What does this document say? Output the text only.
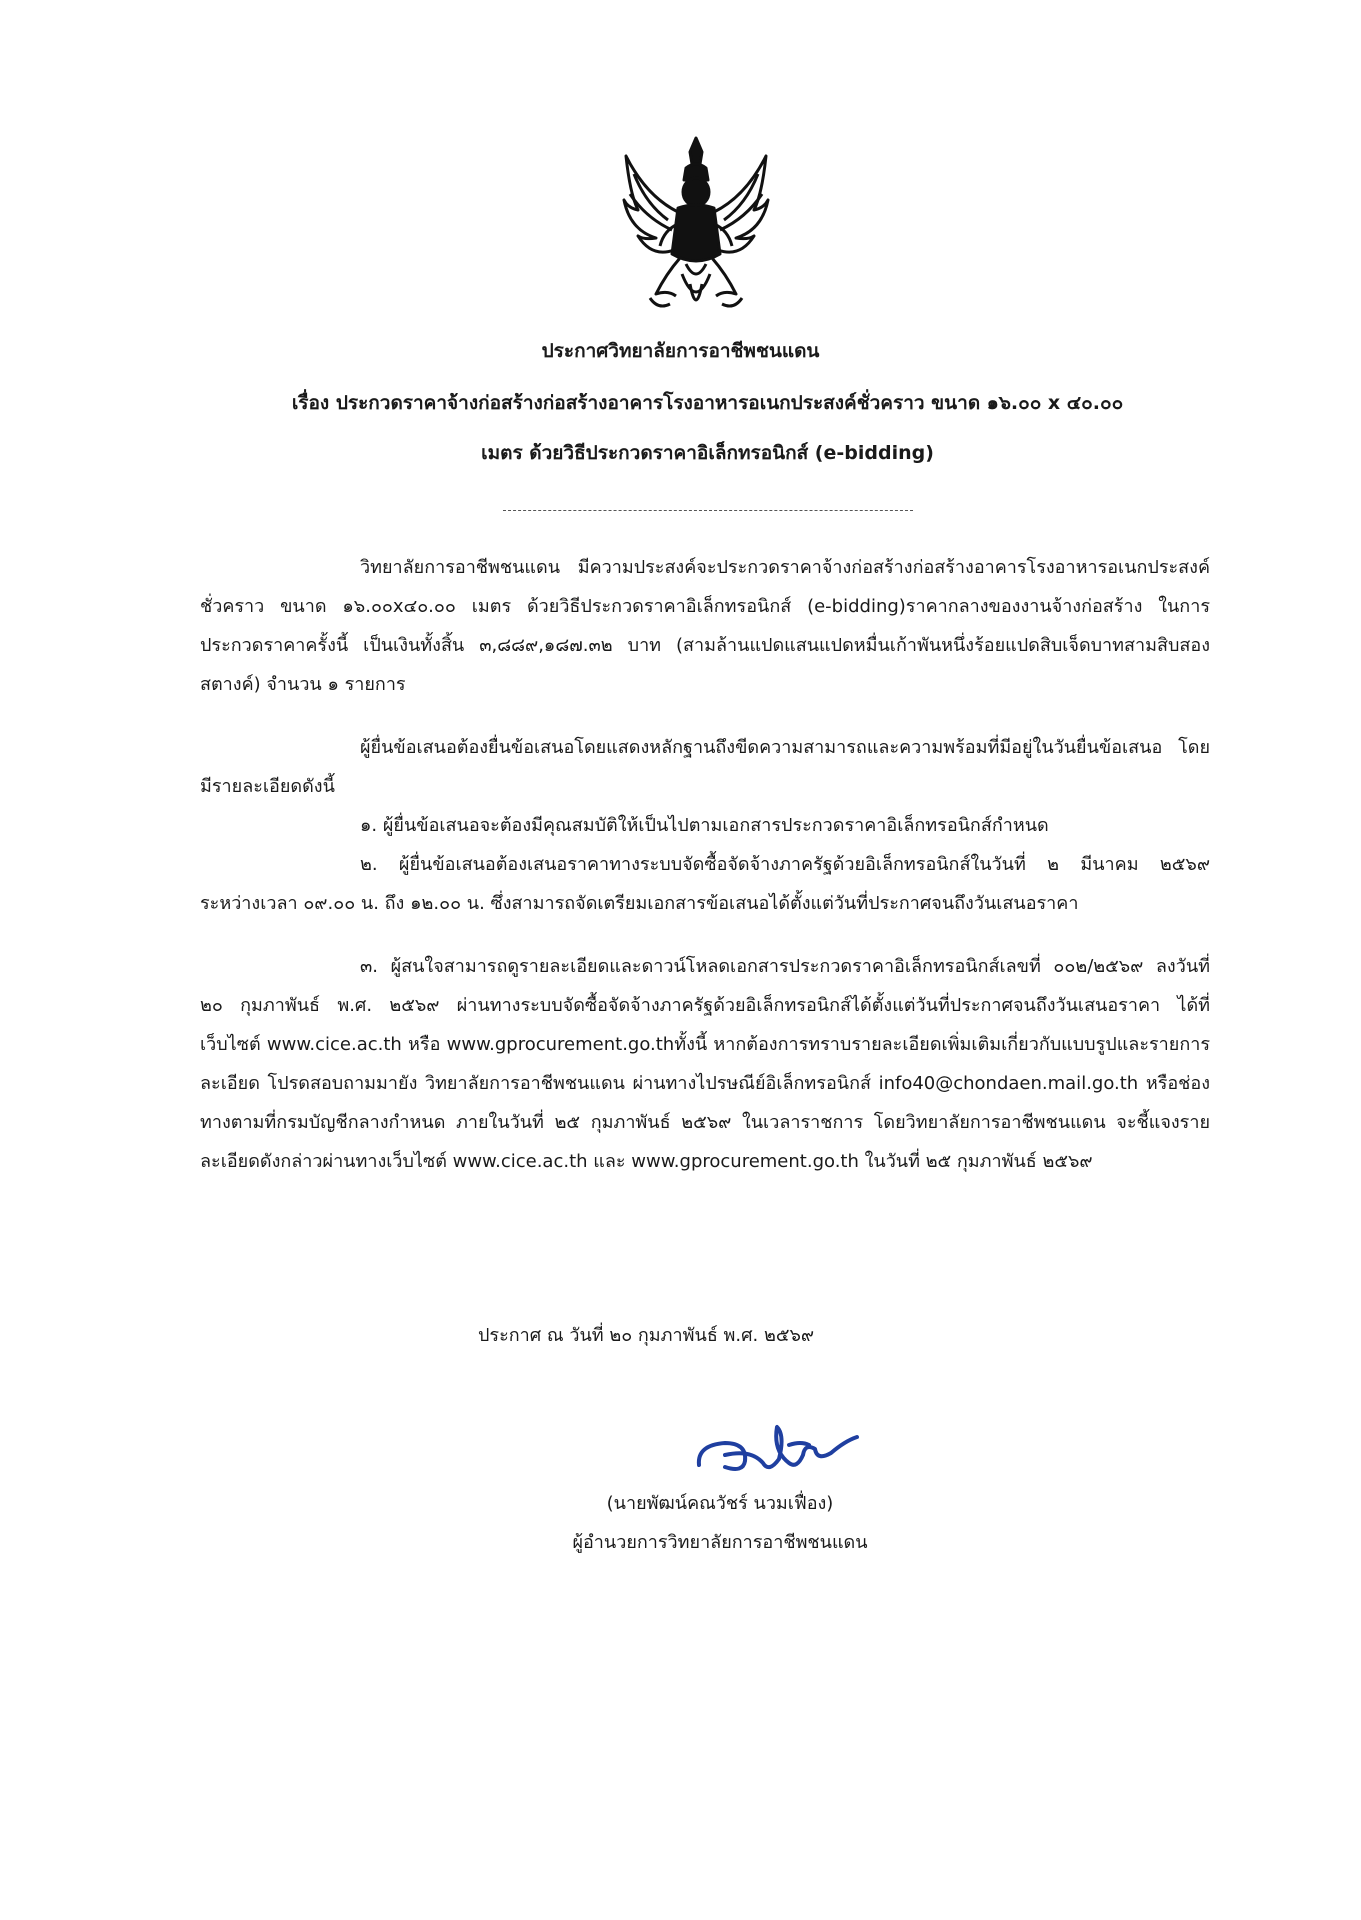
ประกาศวิทยาลัยการอาชีพชนแดน
เรื่อง ประกวดราคาจ้างก่อสร้างก่อสร้างอาคารโรงอาหารอเนกประสงค์ชั่วคราว ขนาด ๑๖.๐๐ x ๔๐.๐๐
เมตร ด้วยวิธีประกวดราคาอิเล็กทรอนิกส์ (e-bidding)

วิทยาลัยการอาชีพชนแดน มีความประสงค์จะประกวดราคาจ้างก่อสร้างก่อสร้างอาคารโรงอาหารอเนกประสงค์ชั่วคราว ขนาด ๑๖.๐๐x๔๐.๐๐ เมตร ด้วยวิธีประกวดราคาอิเล็กทรอนิกส์ (e-bidding)ราคากลางของงานจ้างก่อสร้าง ในการประกวดราคาครั้งนี้ เป็นเงินทั้งสิ้น ๓,๘๘๙,๑๘๗.๓๒ บาท (สามล้านแปดแสนแปดหมื่นเก้าพันหนึ่งร้อยแปดสิบเจ็ดบาทสามสิบสองสตางค์) จำนวน ๑ รายการ

ผู้ยื่นข้อเสนอต้องยื่นข้อเสนอโดยแสดงหลักฐานถึงขีดความสามารถและความพร้อมที่มีอยู่ในวันยื่นข้อเสนอ โดยมีรายละเอียดดังนี้

๑. ผู้ยื่นข้อเสนอจะต้องมีคุณสมบัติให้เป็นไปตามเอกสารประกวดราคาอิเล็กทรอนิกส์กำหนด

๒. ผู้ยื่นข้อเสนอต้องเสนอราคาทางระบบจัดซื้อจัดจ้างภาครัฐด้วยอิเล็กทรอนิกส์ในวันที่ ๒ มีนาคม ๒๕๖๙ ระหว่างเวลา ๐๙.๐๐ น. ถึง ๑๒.๐๐ น. ซึ่งสามารถจัดเตรียมเอกสารข้อเสนอได้ตั้งแต่วันที่ประกาศจนถึงวันเสนอราคา

๓. ผู้สนใจสามารถดูรายละเอียดและดาวน์โหลดเอกสารประกวดราคาอิเล็กทรอนิกส์เลขที่ ๐๐๒/๒๕๖๙ ลงวันที่ ๒๐ กุมภาพันธ์ พ.ศ. ๒๕๖๙ ผ่านทางระบบจัดซื้อจัดจ้างภาครัฐด้วยอิเล็กทรอนิกส์ได้ตั้งแต่วันที่ประกาศจนถึงวันเสนอราคา ได้ที่เว็บไซต์ www.cice.ac.th หรือ www.gprocurement.go.thทั้งนี้ หากต้องการทราบรายละเอียดเพิ่มเติมเกี่ยวกับแบบรูปและรายการละเอียด โปรดสอบถามมายัง วิทยาลัยการอาชีพชนแดน ผ่านทางไปรษณีย์อิเล็กทรอนิกส์ info40@chondaen.mail.go.th หรือช่องทางตามที่กรมบัญชีกลางกำหนด ภายในวันที่ ๒๕ กุมภาพันธ์ ๒๕๖๙ ในเวลาราชการ โดยวิทยาลัยการอาชีพชนแดน จะชี้แจงรายละเอียดดังกล่าวผ่านทางเว็บไซต์ www.cice.ac.th และ www.gprocurement.go.th ในวันที่ ๒๕ กุมภาพันธ์ ๒๕๖๙

ประกาศ ณ วันที่ ๒๐ กุมภาพันธ์ พ.ศ. ๒๕๖๙
(นายพัฒน์คณวัชร์ นวมเฟื่อง)
ผู้อำนวยการวิทยาลัยการอาชีพชนแดน
